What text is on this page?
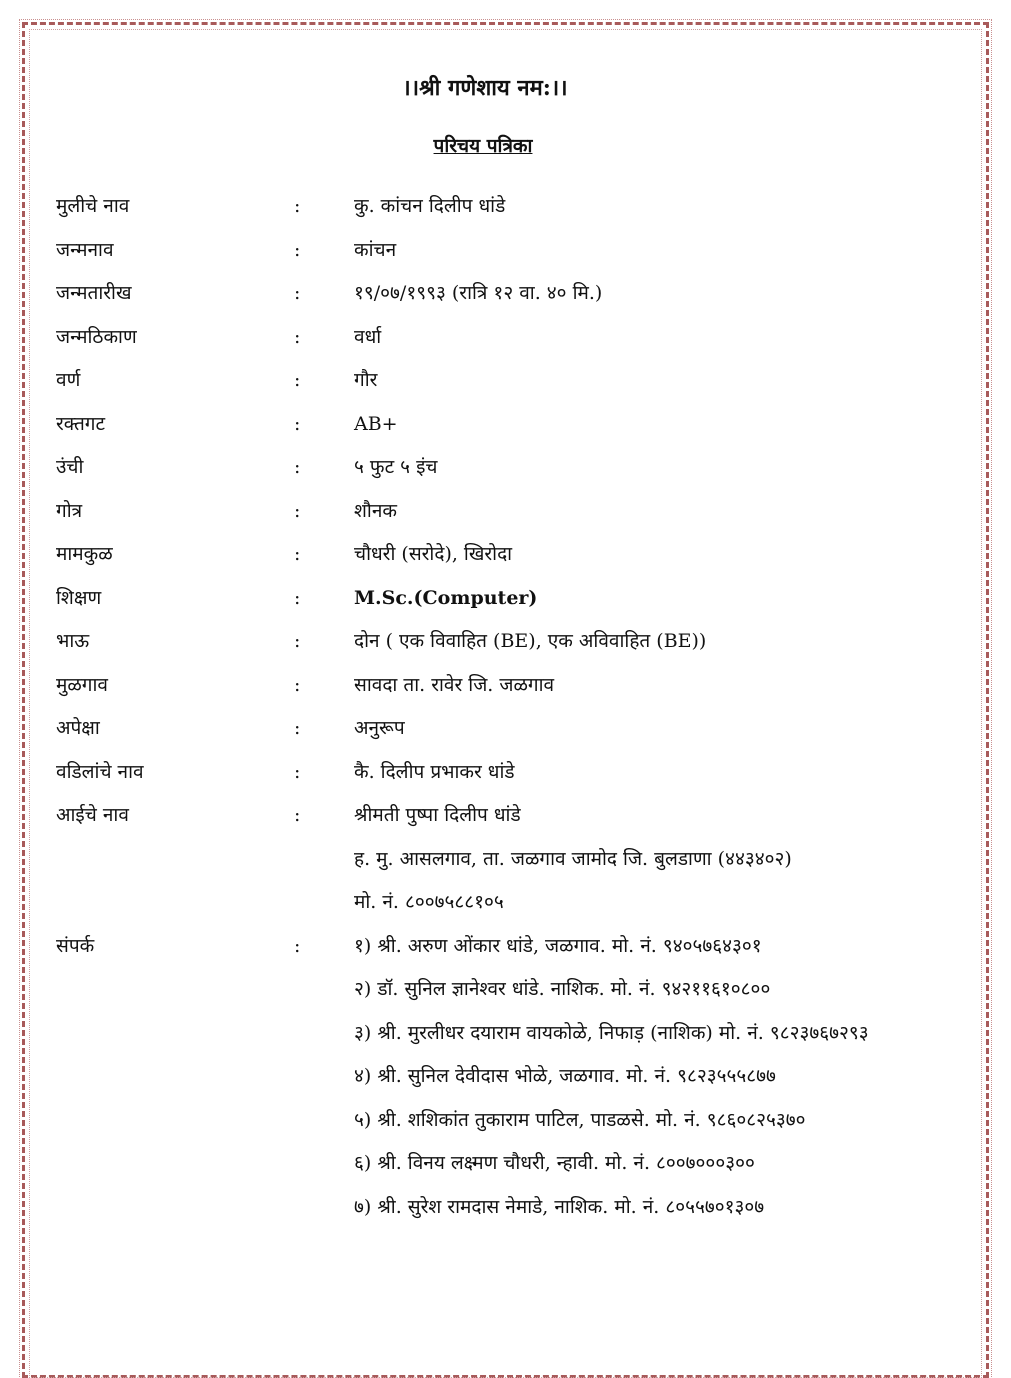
।।श्री गणेशाय नम:।।
परिचय पत्रिका
मुलीचे नाव	:	कु. कांचन दिलीप धांडे
जन्मनाव	:	कांचन
जन्मतारीख	:	१९/०७/१९९३ (रात्रि १२ वा. ४० मि.)
जन्मठिकाण	:	वर्धा
वर्ण	:	गौर
रक्तगट	:	AB+
उंची	:	५ फुट ५ इंच
गोत्र	:	शौनक
मामकुळ	:	चौधरी (सरोदे), खिरोदा
शिक्षण	:	M.Sc.(Computer)
भाऊ	:	दोन ( एक विवाहित (BE), एक अविवाहित (BE))
मुळगाव	:	सावदा ता. रावेर जि. जळगाव
अपेक्षा	:	अनुरूप
वडिलांचे नाव	:	कै. दिलीप प्रभाकर धांडे
आईचे नाव	:	श्रीमती पुष्पा दिलीप धांडे
ह. मु. आसलगाव, ता. जळगाव जामोद जि. बुलडाणा (४४३४०२)
मो. नं. ८००७५८८१०५
संपर्क	:	१) श्री. अरुण ओंकार धांडे, जळगाव. मो. नं. ९४०५७६४३०१
२) डॉ. सुनिल ज्ञानेश्वर धांडे. नाशिक. मो. नं. ९४२११६१०८००
३) श्री. मुरलीधर दयाराम वायकोळे, निफाड़ (नाशिक) मो. नं. ९८२३७६७२९३
४) श्री. सुनिल देवीदास भोळे, जळगाव. मो. नं. ९८२३५५५८७७
५) श्री. शशिकांत तुकाराम पाटिल, पाडळसे. मो. नं. ९८६०८२५३७०
६) श्री. विनय लक्ष्मण चौधरी, न्हावी. मो. नं. ८००७०००३००
७) श्री. सुरेश रामदास नेमाडे, नाशिक. मो. नं. ८०५५७०१३०७
